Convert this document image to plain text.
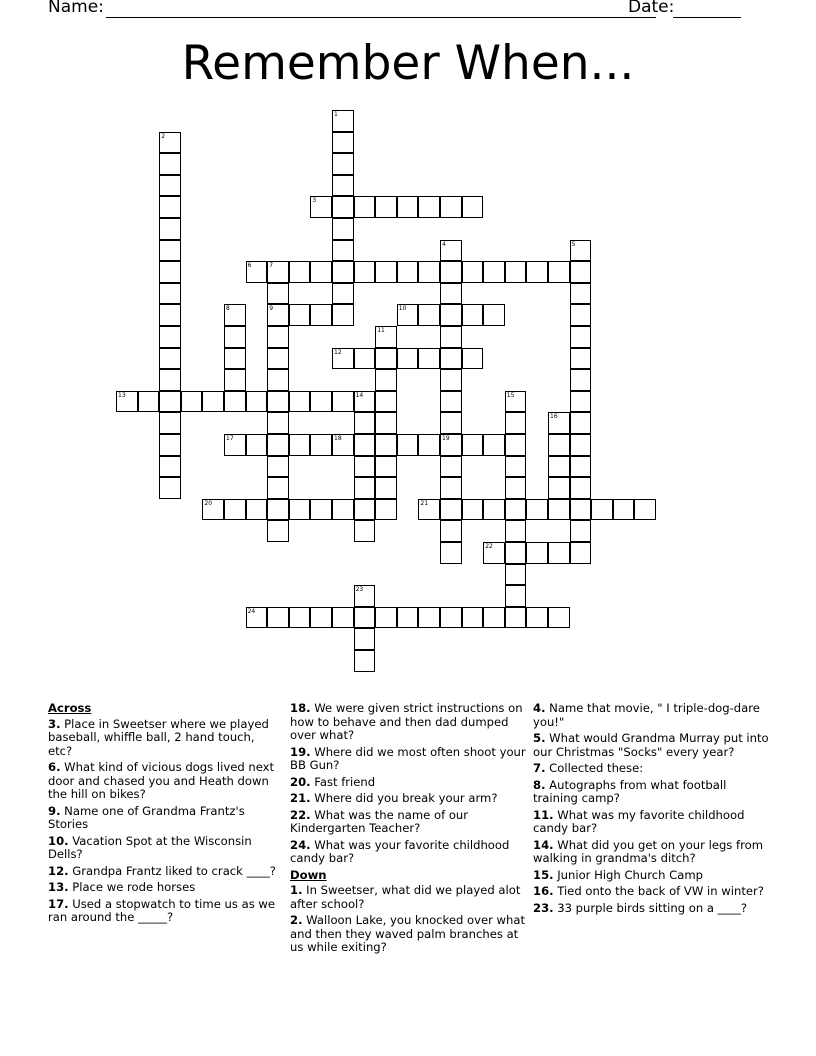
Name:	Date:
Remember When...
1
2
3
4
19
5
6	7
9
8	10
11
12
13	14	15
16
17	18
20	21
22
23
24
Across
3. Place in Sweetser where we played baseball, whiffle ball, 2 hand touch, etc?
6. What kind of vicious dogs lived next door and chased you and Heath down the hill on bikes?
9. Name one of Grandma Frantz's Stories
10. Vacation Spot at the Wisconsin Dells?
12. Grandpa Frantz liked to crack ____?
13. Place we rode horses
17. Used a stopwatch to time us as we ran around the _____?
18. We were given strict instructions on how to behave and then dad dumped over what?
19. Where did we most often shoot your BB Gun?
20. Fast friend
21. Where did you break your arm?
22. What was the name of our Kindergarten Teacher?
24. What was your favorite childhood candy bar?
Down
1. In Sweetser, what did we played alot after school?
2. Walloon Lake, you knocked over what and then they waved palm branches at us while exiting?
4. Name that movie, " I triple-dog-dare you!"
5. What would Grandma Murray put into our Christmas "Socks" every year?
7. Collected these:
8. Autographs from what football training camp?
11. What was my favorite childhood candy bar?
14. What did you get on your legs from walking in grandma's ditch?
15. Junior High Church Camp
16. Tied onto the back of VW in winter?
23. 33 purple birds sitting on a ____?
